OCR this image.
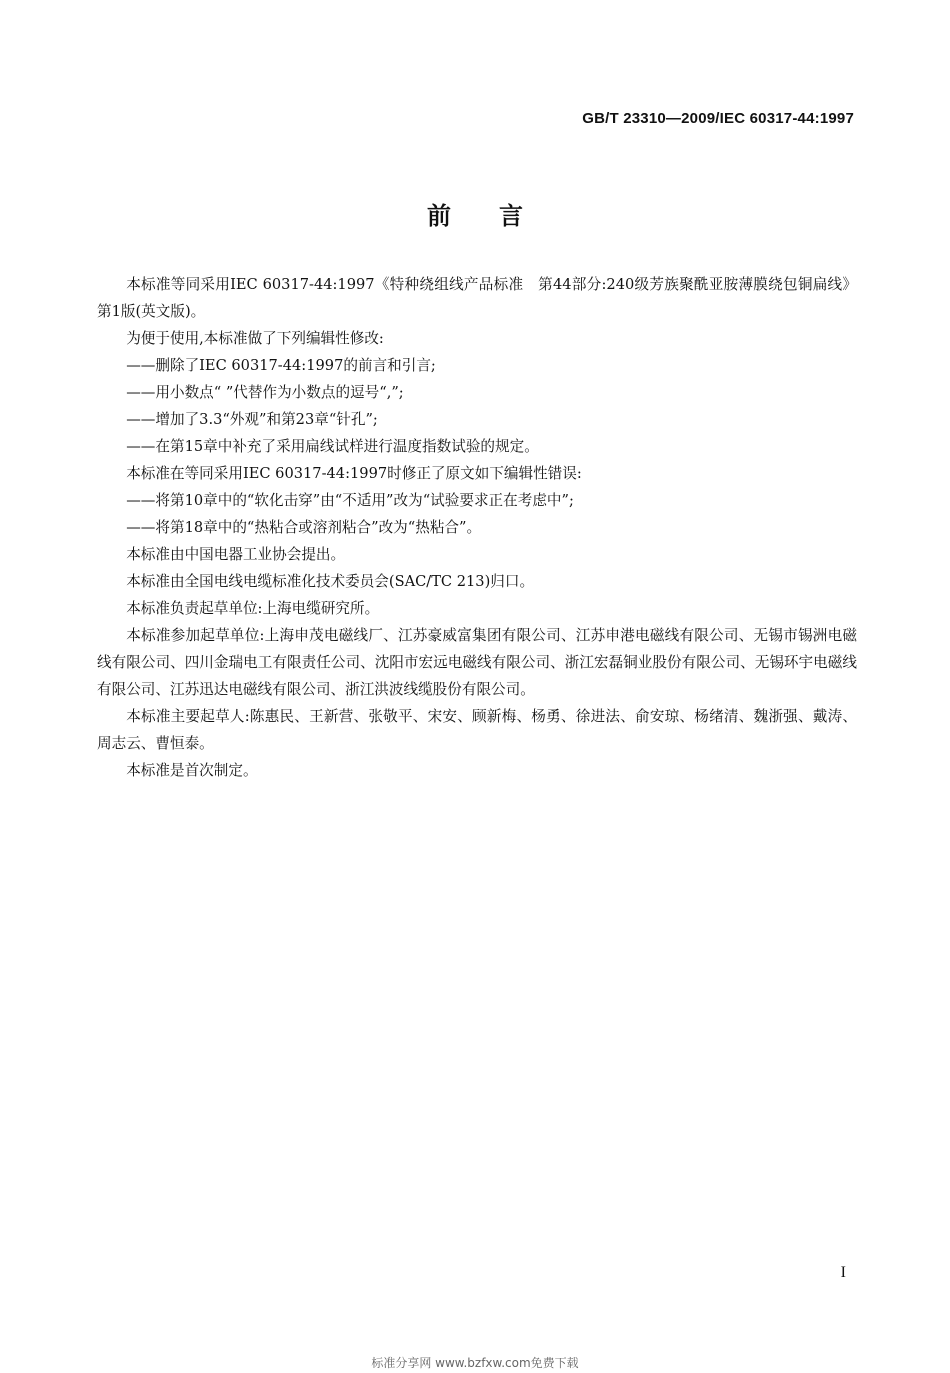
GB/T 23310—2009/IEC 60317-44:1997
前言

本标准等同采用IEC 60317-44:1997《特种绕组线产品标准　第44部分:240级芳族聚酰亚胺薄膜绕包铜扁线》第1版(英文版)。

为便于使用,本标准做了下列编辑性修改:

——删除了IEC 60317-44:1997的前言和引言;

——用小数点“ ”代替作为小数点的逗号“,”;

——增加了3.3“外观”和第23章“针孔”;

——在第15章中补充了采用扁线试样进行温度指数试验的规定。

本标准在等同采用IEC 60317-44:1997时修正了原文如下编辑性错误:

——将第10章中的“软化击穿”由“不适用”改为“试验要求正在考虑中”;

——将第18章中的“热粘合或溶剂粘合”改为“热粘合”。

本标准由中国电器工业协会提出。

本标准由全国电线电缆标准化技术委员会(SAC/TC 213)归口。

本标准负责起草单位:上海电缆研究所。

本标准参加起草单位:上海申茂电磁线厂、江苏豪威富集团有限公司、江苏申港电磁线有限公司、无锡市锡洲电磁线有限公司、四川金瑞电工有限责任公司、沈阳市宏远电磁线有限公司、浙江宏磊铜业股份有限公司、无锡环宇电磁线有限公司、江苏迅达电磁线有限公司、浙江洪波线缆股份有限公司。

本标准主要起草人:陈惠民、王新营、张敬平、宋安、顾新梅、杨勇、徐进法、俞安琼、杨绪清、魏浙强、戴涛、周志云、曹恒泰。

本标准是首次制定。

I
标准分享网 www.bzfxw.com免费下载
